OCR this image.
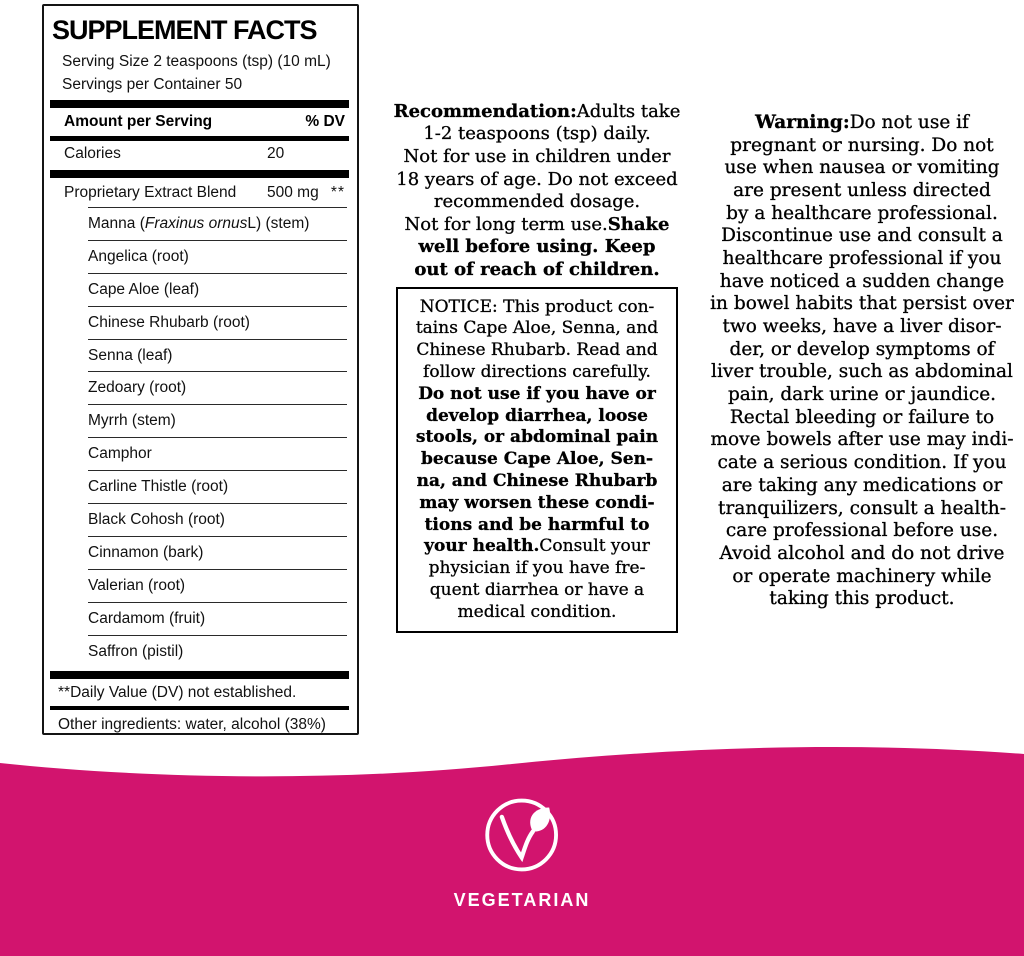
SUPPLEMENT FACTS
Serving Size 2 teaspoons (tsp) (10 mL)
Servings per Container 50
Amount per Serving	% DV
Calories	20
Proprietary Extract Blend 500 mg **
Manna ( Fraxinus ornus L) (stem)
Angelica (root)
Cape Aloe (leaf)
Chinese Rhubarb (root)
Senna (leaf)
Zedoary (root)
Myrrh (stem)
Camphor
Carline Thistle (root)
Black Cohosh (root)
Cinnamon (bark)
Valerian (root)
Cardamom (fruit)
Saffron (pistil)
**Daily Value (DV) not established.
Other ingredients: water, alcohol (38%)
Recommendation: Adults take
1-2 teaspoons (tsp) daily.
Not for use in children under
18 years of age. Do not exceed
recommended dosage.
Not for long term use. Shake
well before using. Keep
out of reach of children.
NOTICE: This product con-
tains Cape Aloe, Senna, and
Chinese Rhubarb. Read and
follow directions carefully.
Do not use if you have or
develop diarrhea, loose
stools, or abdominal pain
because Cape Aloe, Sen-
na, and Chinese Rhubarb
may worsen these condi-
tions and be harmful to
your health. Consult your
physician if you have fre-
quent diarrhea or have a
medical condition.
Warning: Do not use if
pregnant or nursing. Do not
use when nausea or vomiting
are present unless directed
by a healthcare professional.
Discontinue use and consult a
healthcare professional if you
have noticed a sudden change
in bowel habits that persist over
two weeks, have a liver disor-
der, or develop symptoms of
liver trouble, such as abdominal
pain, dark urine or jaundice.
Rectal bleeding or failure to
move bowels after use may indi-
cate a serious condition. If you
are taking any medications or
tranquilizers, consult a health-
care professional before use.
Avoid alcohol and do not drive
or operate machinery while
taking this product.
VEGETARIAN
